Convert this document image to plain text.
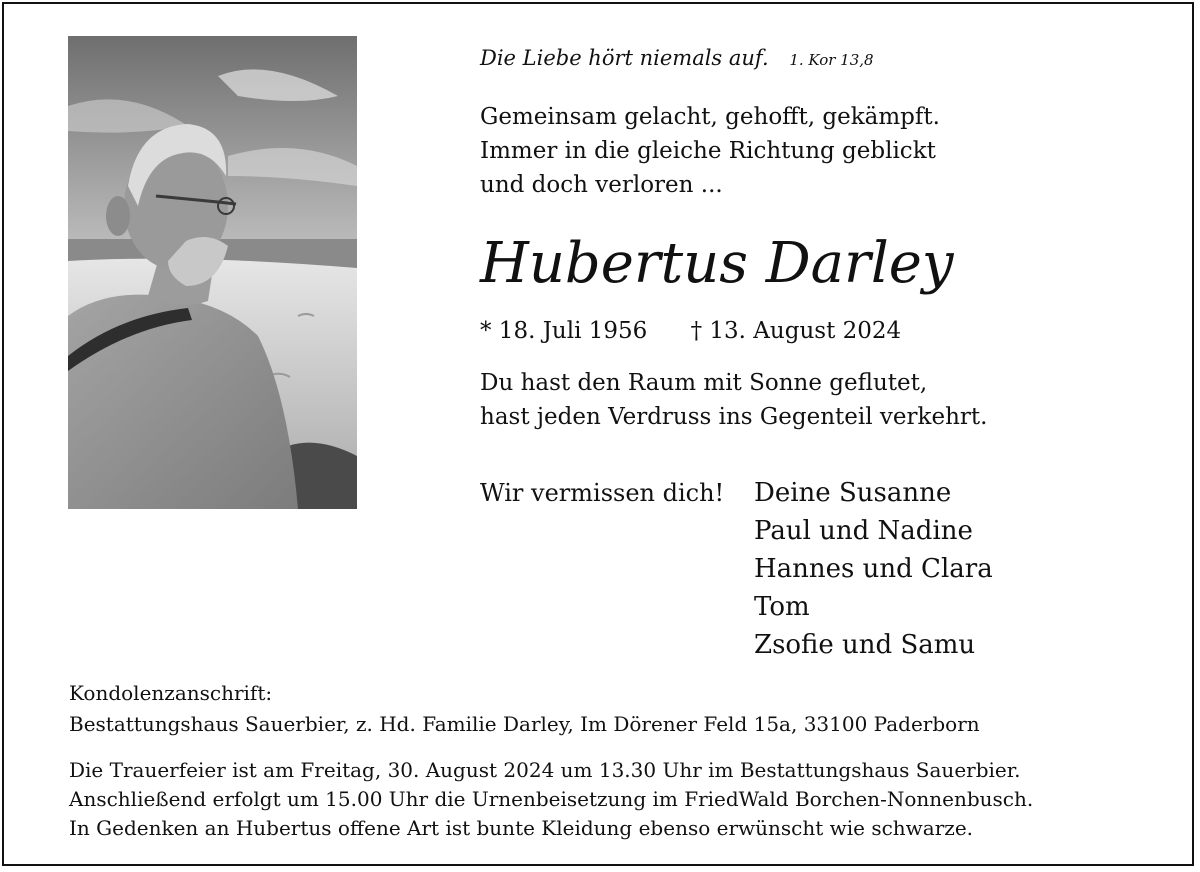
Die Liebe hört niemals auf. 1. Kor 13,8
Gemeinsam gelacht, gehofft, gekämpft.
Immer in die gleiche Richtung geblickt
und doch verloren ...
Hubertus Darley
* 18. Juli 1956 † 13. August 2024
Du hast den Raum mit Sonne geflutet,
hast jeden Verdruss ins Gegenteil verkehrt.
Wir vermissen dich! Deine Susanne
Paul und Nadine
Hannes und Clara
Tom
Zsofie und Samu
Kondolenzanschrift:
Bestattungshaus Sauerbier, z. Hd. Familie Darley, Im Dörener Feld 15a, 33100 Paderborn
Die Trauerfeier ist am Freitag, 30. August 2024 um 13.30 Uhr im Bestattungshaus Sauerbier.
Anschließend erfolgt um 15.00 Uhr die Urnenbeisetzung im FriedWald Borchen-Nonnenbusch.
In Gedenken an Hubertus offene Art ist bunte Kleidung ebenso erwünscht wie schwarze.
